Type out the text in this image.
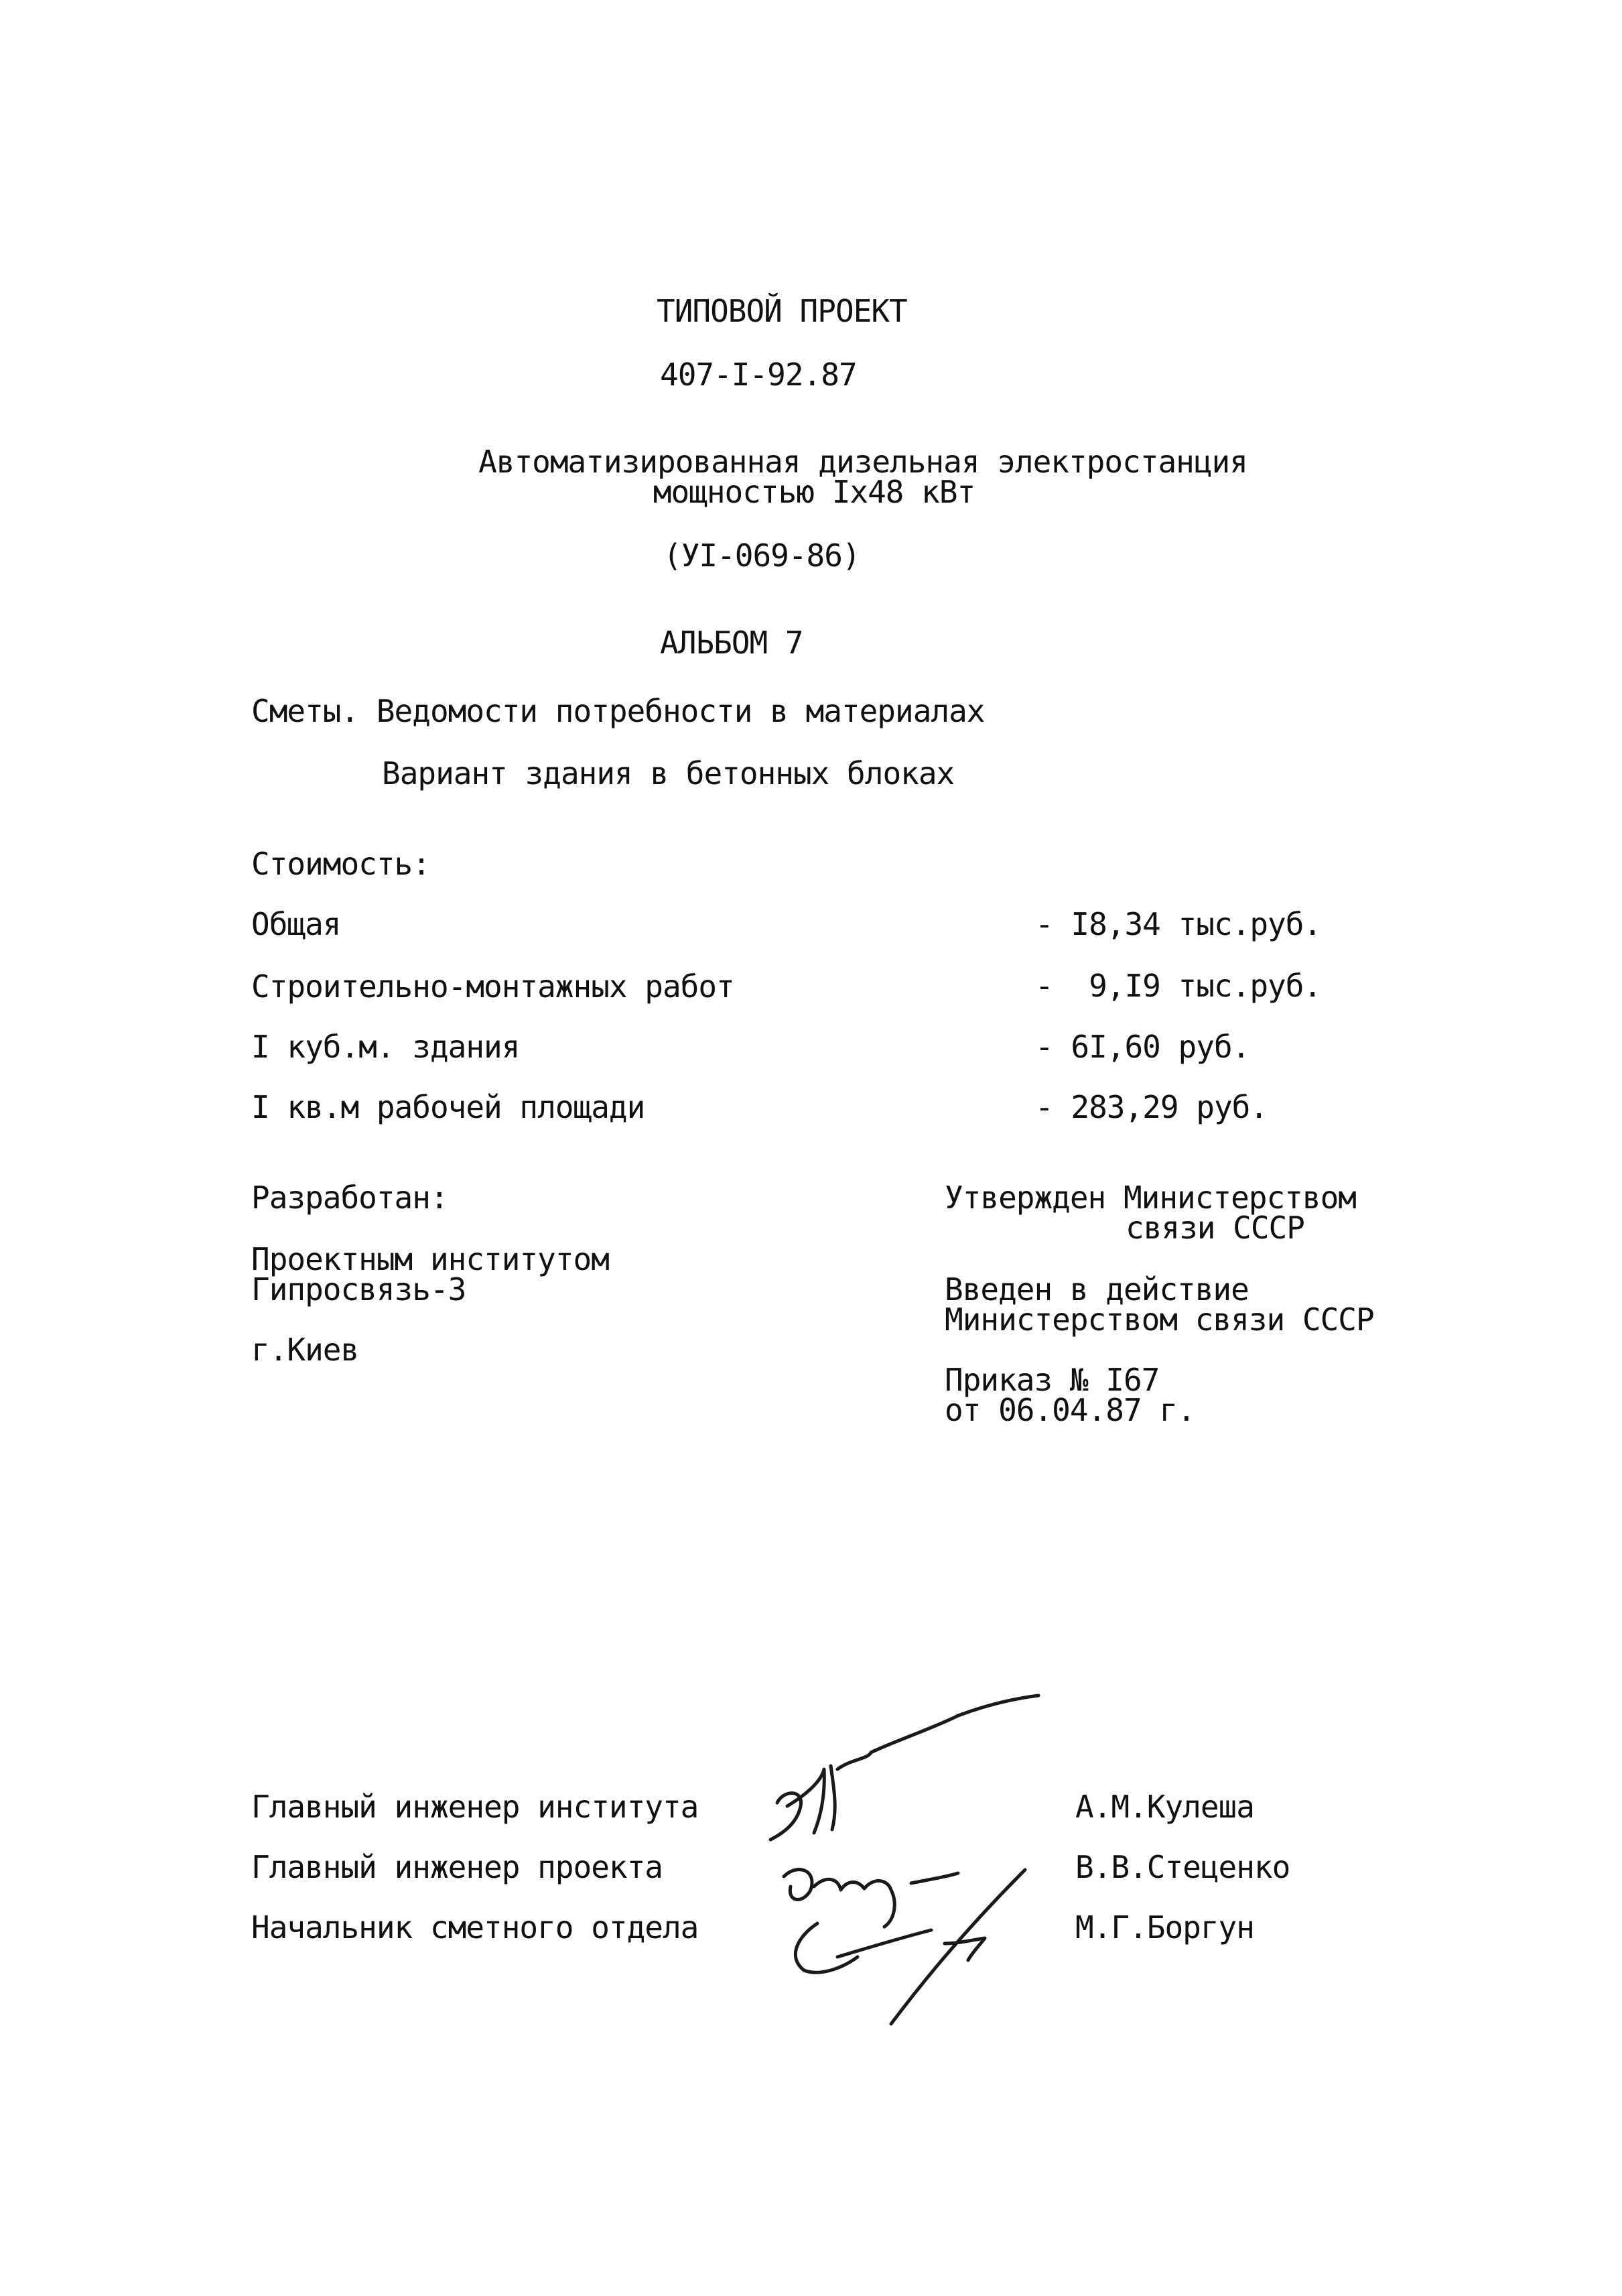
ТИПОВОЙ ПРОЕКТ
407-I-92.87
Автоматизированная дизельная электростанция
мощностью Iх48 кВт
(УI-069-86)
АЛЬБОМ 7
Сметы. Ведомости потребности в материалах
Вариант здания в бетонных блоках
Стоимость:
Общая	- I8,34 тыс.руб.
Строительно-монтажных работ	-  9,I9 тыс.руб.
I куб.м. здания	- 6I,60 руб.
I кв.м рабочей площади	- 283,29 руб.
Разработан:
Проектным институтом
Гипросвязь-3
г.Киев
Утвержден Министерством
связи СССР
Введен в действие
Министерством связи СССР
Приказ № I67
от 06.04.87 г.
Главный инженер института	А.М.Кулеша
Главный инженер проекта	В.В.Стеценко
Начальник сметного отдела	М.Г.Боргун
